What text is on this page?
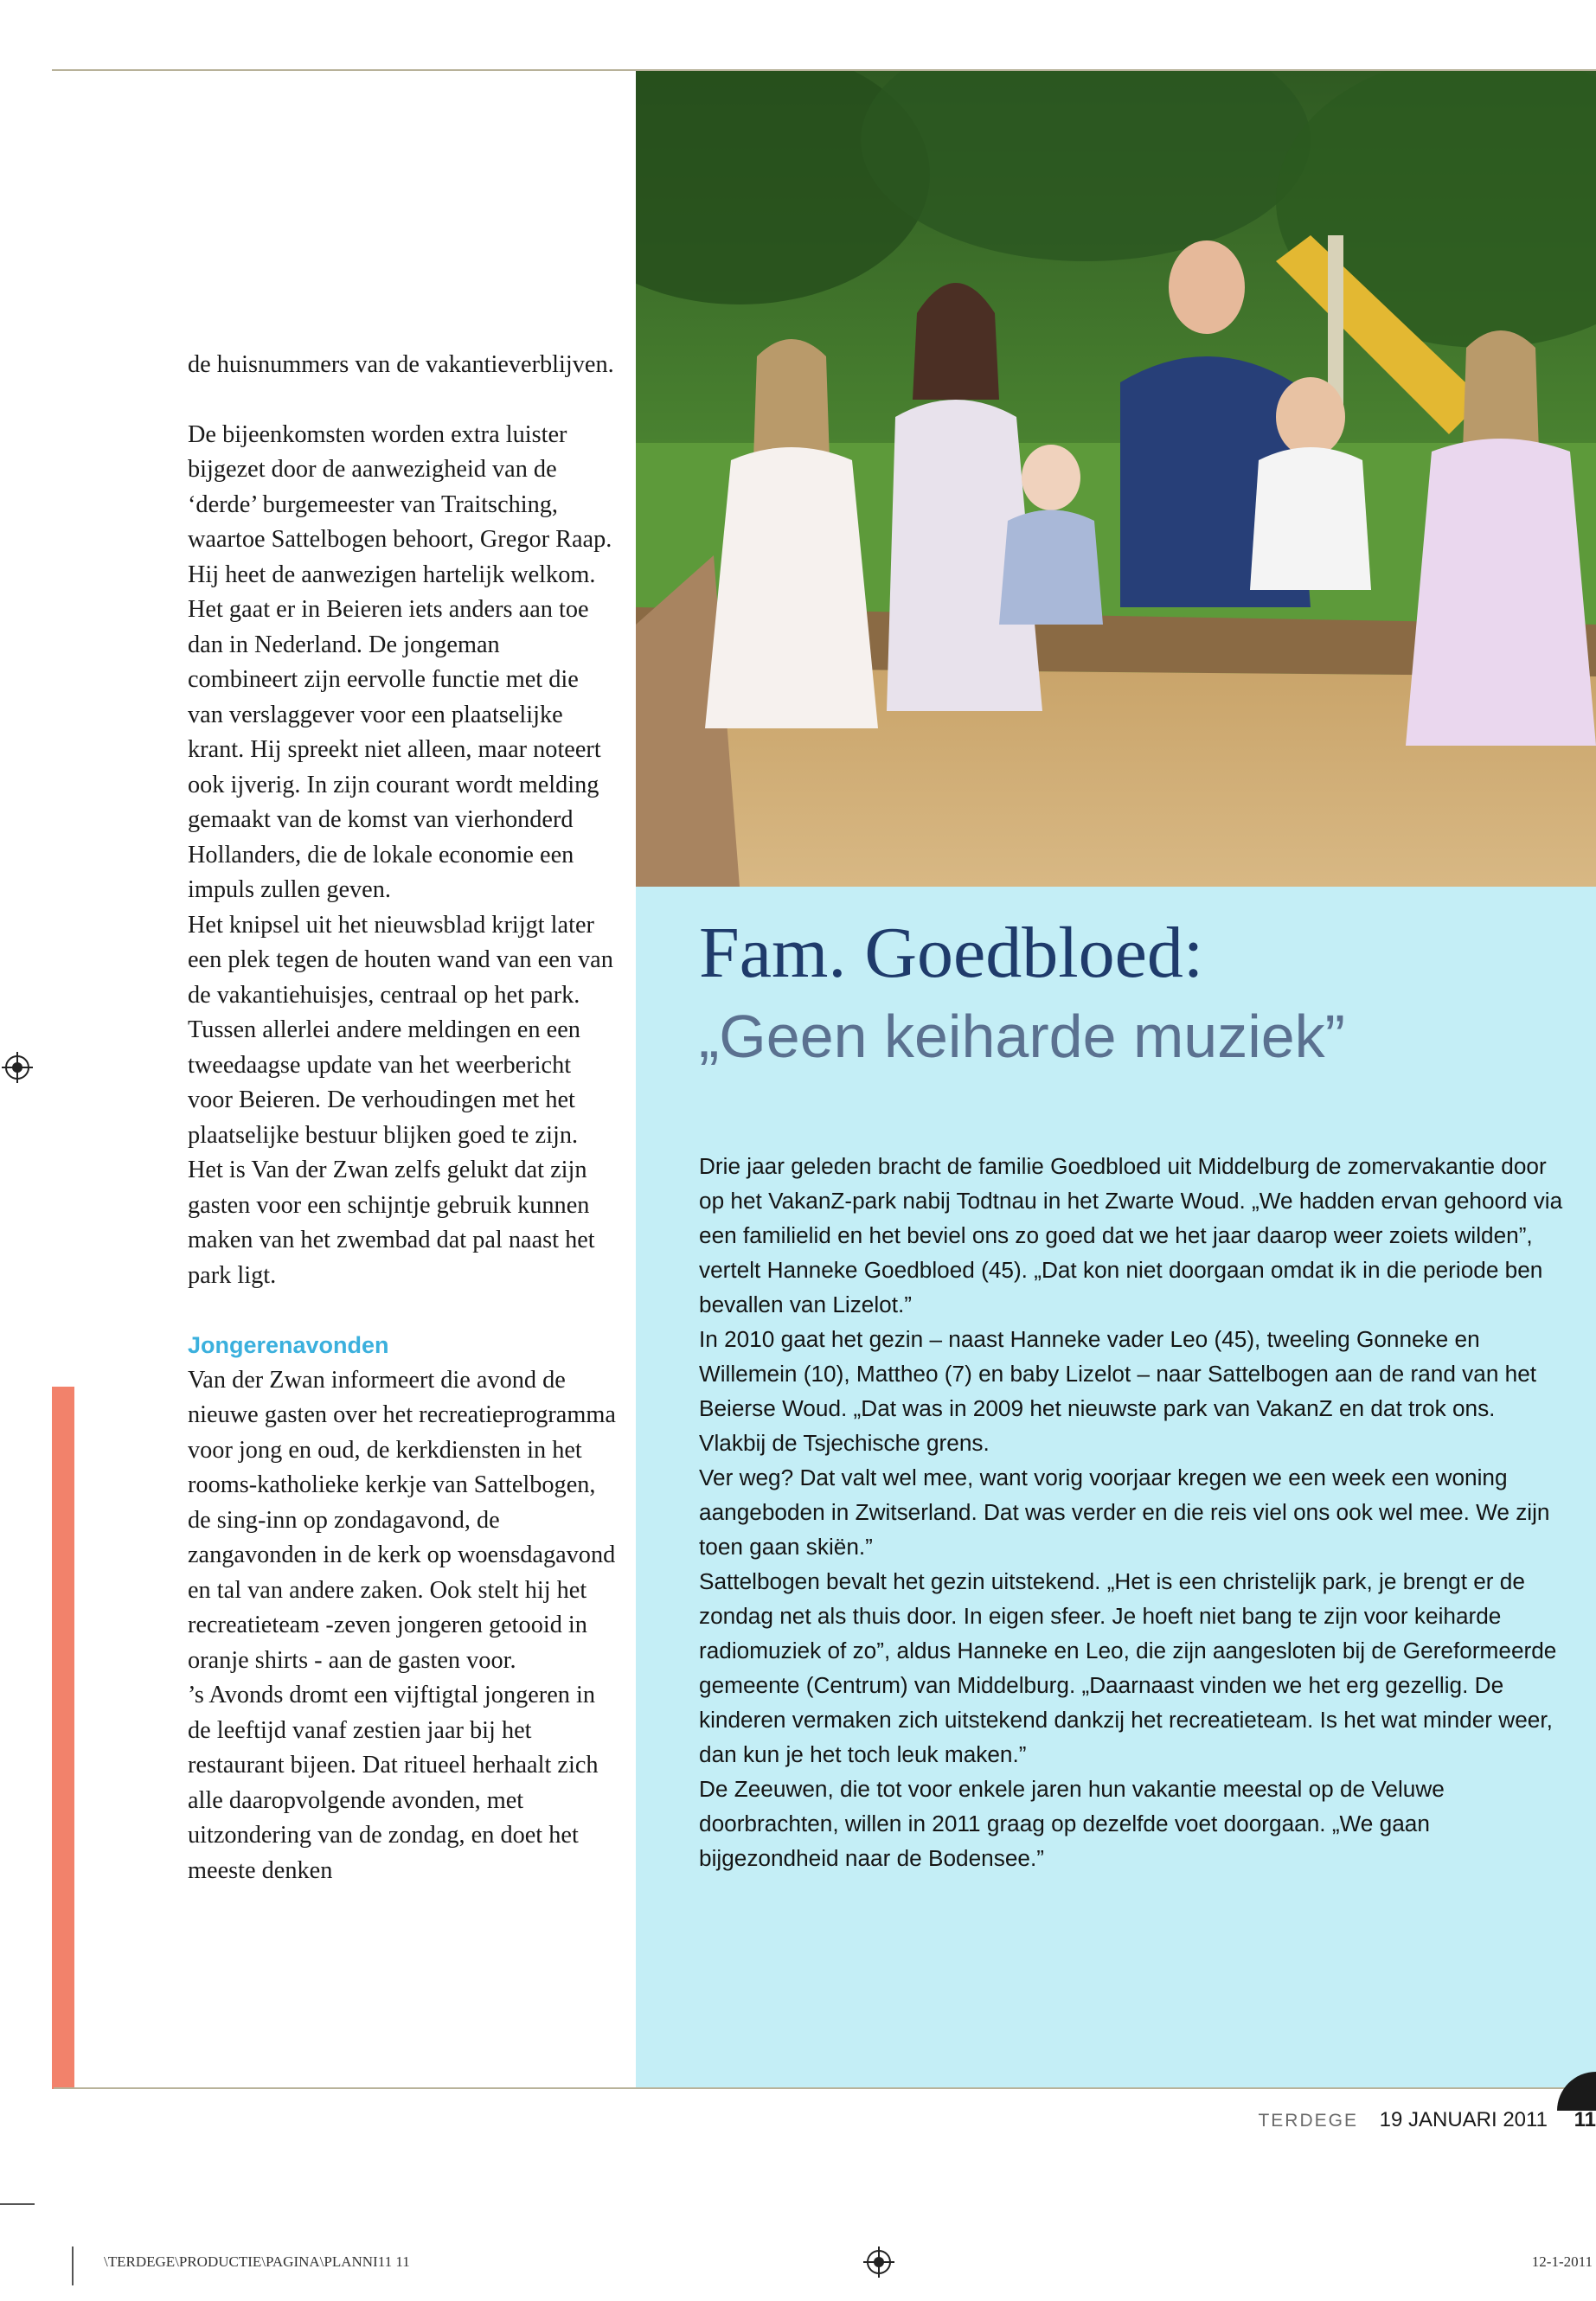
de huisnummers van de vakantieverblijven.

De bijeenkomsten worden extra luister bijgezet door de aanwezigheid van de ‘derde’ burgemeester van Traitsching, waartoe Sattelbogen behoort, Gregor Raap. Hij heet de aanwezigen hartelijk welkom. Het gaat er in Beieren iets anders aan toe dan in Nederland. De jongeman combineert zijn eervolle functie met die van verslaggever voor een plaatselijke krant. Hij spreekt niet alleen, maar noteert ook ijverig. In zijn courant wordt melding gemaakt van de komst van vierhonderd Hollanders, die de lokale economie een impuls zullen geven.

Het knipsel uit het nieuwsblad krijgt later een plek tegen de houten wand van een van de vakantiehuisjes, centraal op het park. Tussen allerlei andere meldingen en een tweedaagse update van het weerbericht voor Beieren. De verhoudingen met het plaatselijke bestuur blijken goed te zijn. Het is Van der Zwan zelfs gelukt dat zijn gasten voor een schijntje gebruik kunnen maken van het zwembad dat pal naast het park ligt.

Jongerenavonden

Van der Zwan informeert die avond de nieuwe gasten over het recreatieprogramma voor jong en oud, de kerkdiensten in het rooms-katholieke kerkje van Sattelbogen, de sing-inn op zondagavond, de zangavonden in de kerk op woensdagavond en tal van andere zaken. Ook stelt hij het recreatieteam -zeven jongeren getooid in oranje shirts - aan de gasten voor.

’s Avonds dromt een vijftigtal jongeren in de leeftijd vanaf zestien jaar bij het restaurant bijeen. Dat ritueel herhaalt zich alle daaropvolgende avonden, met uitzondering van de zondag, en doet het meeste denken

Fam. Goedbloed:
„Geen keiharde muziek”

Drie jaar geleden bracht de familie Goedbloed uit Middelburg de zomervakantie door op het VakanZ-park nabij Todtnau in het Zwarte Woud. „We hadden ervan gehoord via een familielid en het beviel ons zo goed dat we het jaar daarop weer zoiets wilden”, vertelt Hanneke Goedbloed (45). „Dat kon niet doorgaan omdat ik in die periode ben bevallen van Lizelot.”

In 2010 gaat het gezin – naast Hanneke vader Leo (45), tweeling Gonneke en Willemein (10), Mattheo (7) en baby Lizelot – naar Sattelbogen aan de rand van het Beierse Woud. „Dat was in 2009 het nieuwste park van VakanZ en dat trok ons. Vlakbij de Tsjechische grens.

Ver weg? Dat valt wel mee, want vorig voorjaar kregen we een week een woning aangeboden in Zwitserland. Dat was verder en die reis viel ons ook wel mee. We zijn toen gaan skiën.”

Sattelbogen bevalt het gezin uitstekend. „Het is een christelijk park, je brengt er de zondag net als thuis door. In eigen sfeer. Je hoeft niet bang te zijn voor keiharde radiomuziek of zo”, aldus Hanneke en Leo, die zijn aangesloten bij de Gereformeerde gemeente (Centrum) van Middelburg. „Daarnaast vinden we het erg gezellig. De kinderen vermaken zich uitstekend dankzij het recreatieteam. Is het wat minder weer, dan kun je het toch leuk maken.”

De Zeeuwen, die tot voor enkele jaren hun vakantie meestal op de Veluwe doorbrachten, willen in 2011 graag op dezelfde voet doorgaan. „We gaan bijgezondheid naar de Bodensee.”

TERDEGE 19 JANUARI 2011 11
\TERDEGE\PRODUCTIE\PAGINA\PLANNI11 11	12-1-2011
